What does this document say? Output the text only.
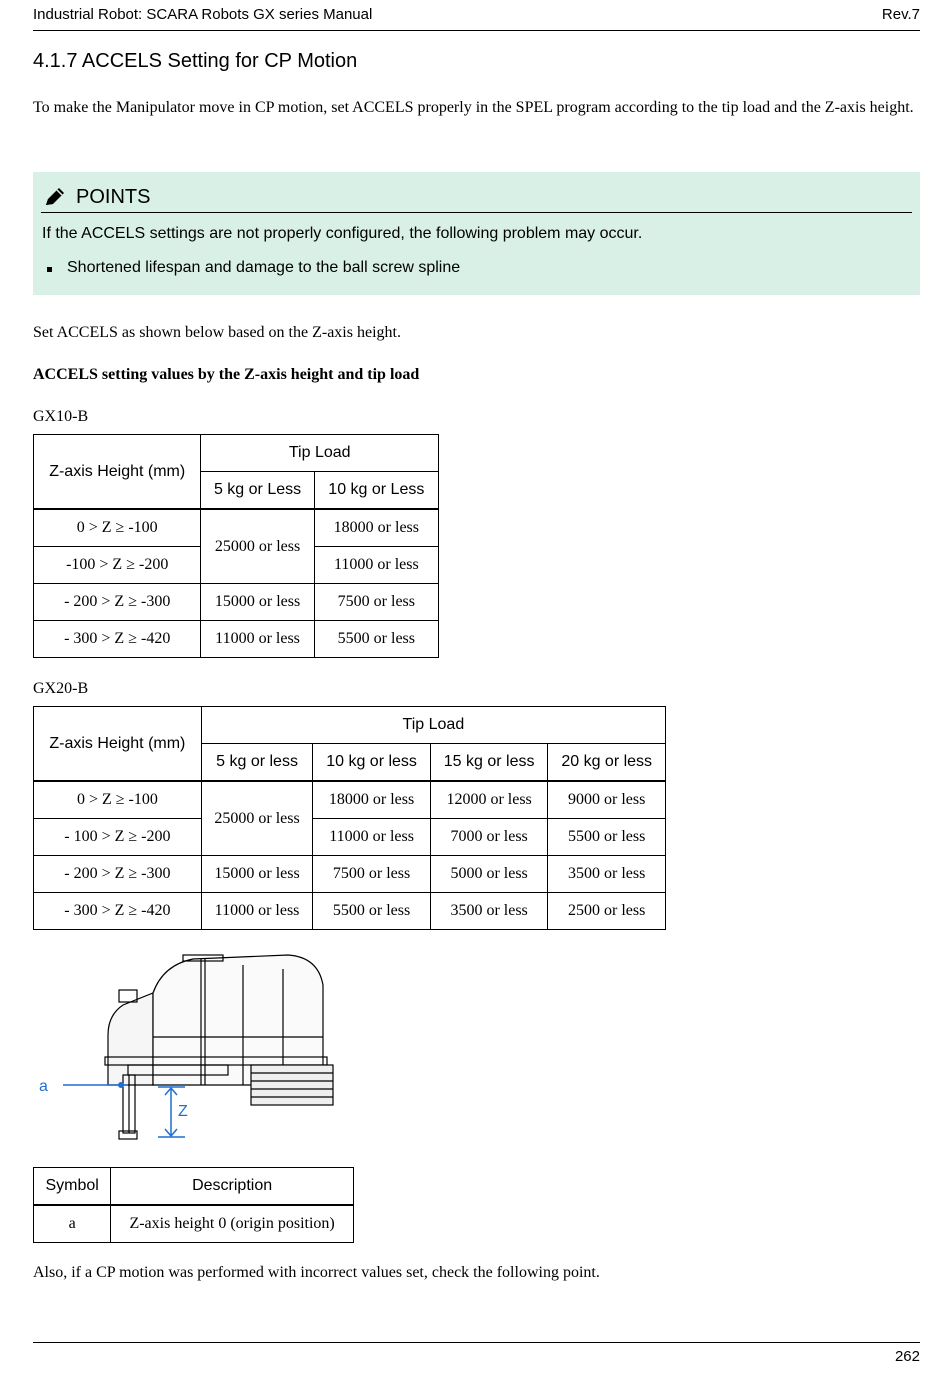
Industrial Robot: SCARA Robots GX series Manual	Rev.7
4.1.7 ACCELS Setting for CP Motion
To make the Manipulator move in CP motion, set ACCELS properly in the SPEL program according to the tip load and the Z-axis height.
POINTS
If the ACCELS settings are not properly configured, the following problem may occur.
Shortened lifespan and damage to the ball screw spline
Set ACCELS as shown below based on the Z-axis height.
ACCELS setting values by the Z-axis height and tip load
GX10-B
Z-axis Height (mm)	Tip Load	
	5 kg or Less	10 kg or Less
0 > Z ≥ -100	25000 or less	18000 or less
-100 > Z ≥ -200		11000 or less
- 200 > Z ≥ -300	15000 or less	7500 or less
- 300 > Z ≥ -420	11000 or less	5500 or less
GX20-B
Z-axis Height (mm)	Tip Load			
	5 kg or less	10 kg or less	15 kg or less	20 kg or less
0 > Z ≥ -100	25000 or less	18000 or less	12000 or less	9000 or less
- 100 > Z ≥ -200		11000 or less	7000 or less	5500 or less
- 200 > Z ≥ -300	15000 or less	7500 or less	5000 or less	3500 or less
- 300 > Z ≥ -420	11000 or less	5500 or less	3500 or less	2500 or less
a
Z
Symbol	Description
a	Z-axis height 0 (origin position)
Also, if a CP motion was performed with incorrect values set, check the following point.
262
